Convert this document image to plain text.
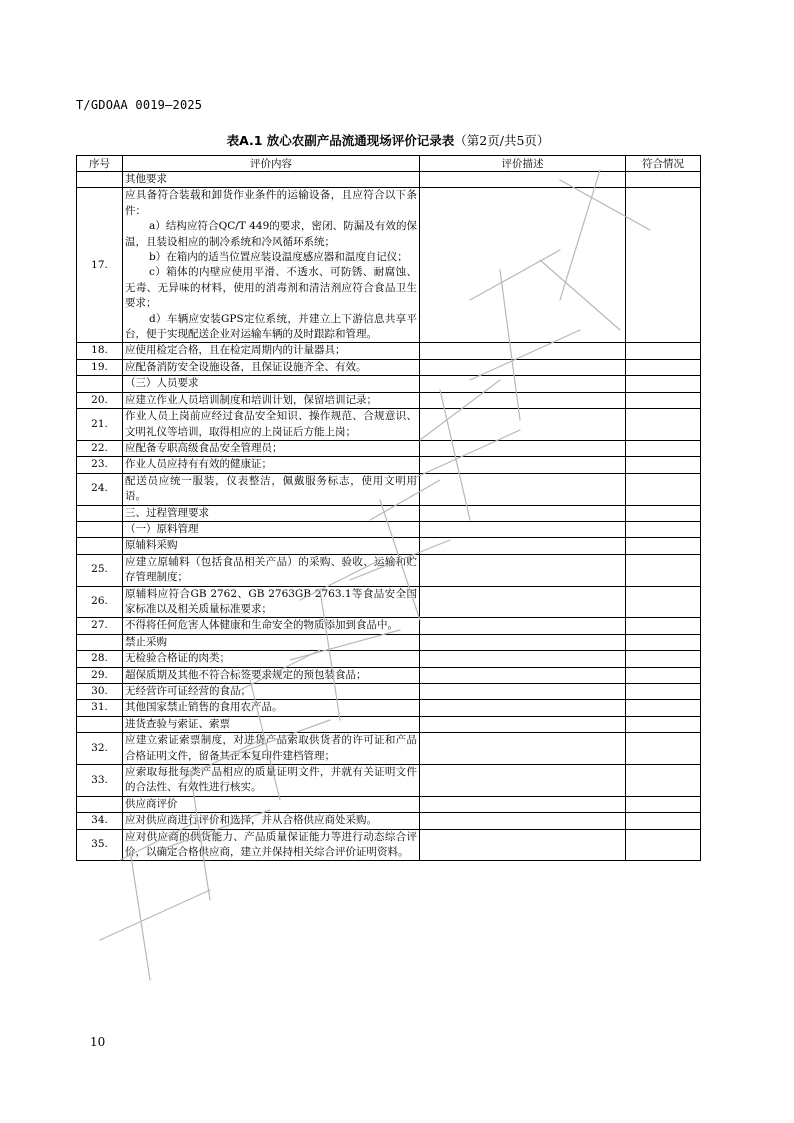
T/GDOAA 0019—2025
表A.1 放心农副产品流通现场评价记录表（第2页/共5页）
序号	评价内容	评价描述	符合情况
	其他要求		
17.	应具备符合装载和卸货作业条件的运输设备，且应符合以下条件：
a）结构应符合QC/T 449的要求，密闭、防漏及有效的保温，且装设相应的制冷系统和冷风循环系统；
b）在箱内的适当位置应装设温度感应器和温度自记仪；
c）箱体的内壁应使用平滑、不透水、可防锈、耐腐蚀、无毒、无异味的材料，使用的消毒剂和清洁剂应符合食品卫生要求；
d）车辆应安装GPS定位系统，并建立上下游信息共享平台，便于实现配送企业对运输车辆的及时跟踪和管理。		

18.	应使用检定合格，且在检定周期内的计量器具；		
19.	应配备消防安全设施设备，且保证设施齐全、有效。		
	（三）人员要求		
20.	应建立作业人员培训制度和培训计划，保留培训记录；		
21.	作业人员上岗前应经过食品安全知识、操作规范、合规意识、文明礼仪等培训，取得相应的上岗证后方能上岗；		
22.	应配备专职高级食品安全管理员；		
23.	作业人员应持有有效的健康证；		
24.	配送员应统一服装，仪表整洁，佩戴服务标志，使用文明用语。		
	三、过程管理要求		
	（一）原料管理		
	原辅料采购		
25.	应建立原辅料（包括食品相关产品）的采购、验收、运输和贮存管理制度；		
26.	原辅料应符合GB 2762、GB 2763GB 2763.1等食品安全国家标准以及相关质量标准要求；		
27.	不得将任何危害人体健康和生命安全的物质添加到食品中。		
	禁止采购		
28.	无检验合格证的肉类；		
29.	超保质期及其他不符合标签要求规定的预包装食品；		
30.	无经营许可证经营的食品；		
31.	其他国家禁止销售的食用农产品。		
	进货查验与索证、索票		
32.	应建立索证索票制度，对进货产品索取供货者的许可证和产品合格证明文件，留备其正本复印件建档管理；		
33.	应索取每批每类产品相应的质量证明文件，并就有关证明文件的合法性、有效性进行核实。		
	供应商评价		
34.	应对供应商进行评价和选择，并从合格供应商处采购。		
35.	应对供应商的供货能力、产品质量保证能力等进行动态综合评价，以确定合格供应商，建立并保持相关综合评价证明资料。		
10
